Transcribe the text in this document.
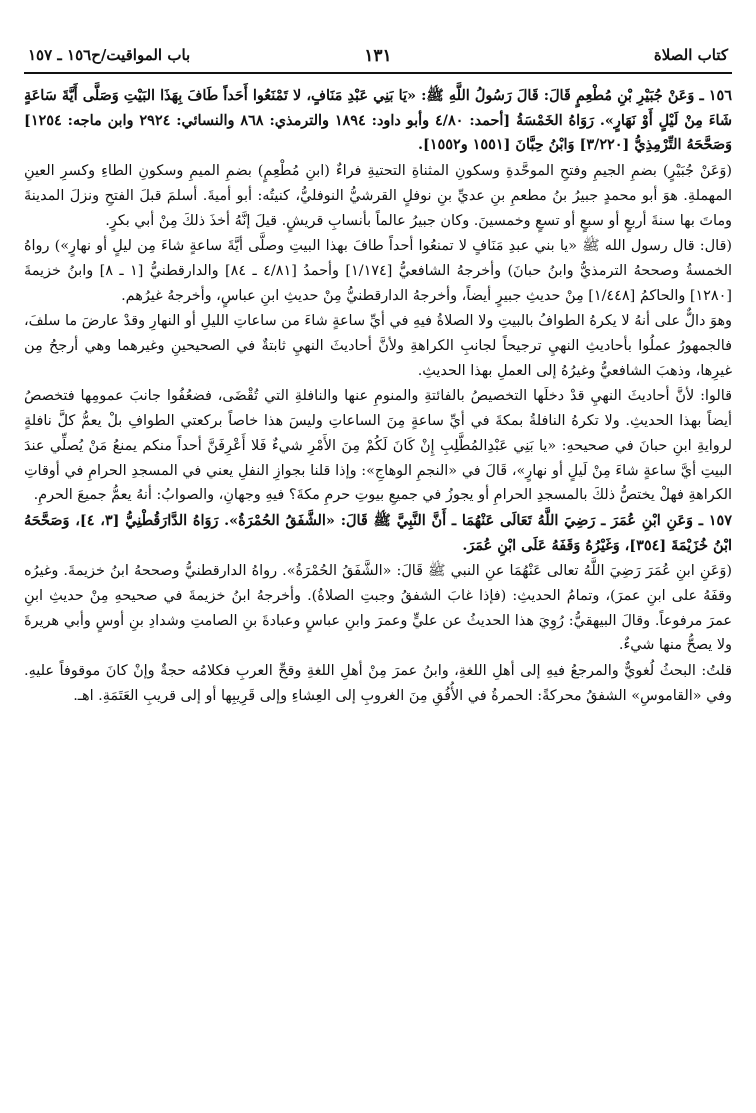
كتاب الصلاة
١٣١
باب المواقيت/ح١٥٦ ـ ١٥٧

١٥٦ ـ وَعَنْ جُبَيْرِ بْنِ مُطْعِمٍ قَالَ: قَالَ رَسُولُ اللَّهِ ﷺ: «يَا بَنِي عَبْدِ مَنَافٍ، لا تَمْنَعُوا أَحَداً طَافَ بِهَذَا البَيْتِ وَصَلَّى أَيَّةَ سَاعَةٍ شَاءَ مِنْ لَيْلٍ أَوْ نَهَارٍ». رَوَاهُ الخَمْسَةُ [أحمد: ٤/٨٠ وأبو داود: ١٨٩٤ والترمذي: ٨٦٨ والنسائي: ٢٩٢٤ وابن ماجه: ١٢٥٤] وَصَحَّحَهُ التِّرْمِذِيُّ [٣/٢٢٠] وَابْنُ حِبَّانَ [١٥٥١ و١٥٥٢].

(وَعَنْ جُبَيْرٍ) بضمِ الجيمِ وفتحِ الموحَّدةِ وسكونِ المثناةِ التحتيةِ فراءٌ (ابنِ مُطْعِمٍ) بضمِ الميمِ وسكونِ الطاءِ وكسرِ العينِ المهملةِ. هوَ أبو محمدٍ جبيرُ بنُ مطعمِ بنِ عديِّ بنِ نوفلٍ القرشيُّ النوفليُّ، كنيتُه: أبو أميةَ. أسلمَ قبلَ الفتحِ ونزلَ المدينةَ وماتَ بها سنةَ أربعٍ أو سبعٍ أو تسعٍ وخمسينَ. وكان جبيرُ عالماً بأنسابِ قريشٍ. قيلَ إنَّهُ أخذَ ذلكَ مِنْ أبي بكرٍ.

(قال: قال رسول الله ﷺ «يا بني عبدِ مَنَافٍ لا تمنعُوا أحداً طافَ بهذا البيتِ وصلَّى أيَّةَ ساعةٍ شاءَ مِن ليلٍ أو نهارٍ») رواهُ الخمسةُ وصححهُ الترمذيُّ وابنُ حبانَ) وأخرجهُ الشافعيُّ [١/١٧٤] وأحمدُ [٤/٨١ ـ ٨٤] والدارقطنيُّ [١ ـ ٨] وابنُ خزيمةَ [١٢٨٠] والحاكمُ [١/٤٤٨] مِنْ حديثِ جبيرٍ أيضاً، وأخرجهُ الدارقطنيُّ مِنْ حديثِ ابنِ عباسٍ، وأخرجهُ غيرُهم.

وهوَ دالٌّ على أنهُ لا يكرهُ الطوافُ بالبيتِ ولا الصلاةُ فيهِ في أيِّ ساعةٍ شاءَ من ساعاتِ الليلِ أو النهارِ وقدْ عارضَ ما سلفَ، فالجمهورُ عملُوا بأحاديثِ النهيِ ترجيحاً لجانبِ الكراهةِ ولأنَّ أحاديثَ النهيِ ثابتةٌ في الصحيحينِ وغيرهما وهي أرجحُ مِن غيرِها، وذهبَ الشافعيُّ وغيرُهُ إلى العملِ بهذا الحديثِ.

قالوا: لأنَّ أحاديثَ النهيِ قدْ دخلَها التخصيصُ بالفائتةِ والمنومِ عنها والنافلةِ التي تُقْضَى، فضعُفُوا جانبَ عمومِها فتخصصُ أيضاً بهذا الحديثِ. ولا تكرهُ النافلةُ بمكةَ في أيِّ ساعةٍ مِنَ الساعاتِ وليسَ هذا خاصاً بركعتي الطوافِ بلْ يعمُّ كلَّ نافلةٍ لروايةِ ابنِ حبانَ في صحيحهِ: «يا بَنِي عَبْدِالمُطَّلِبِ إِنْ كَانَ لَكُمْ مِنَ الأَمْرِ شيءٌ فَلا أَعْرِفَنَّ أحداً منكم يمنعُ مَنْ يُصلِّي عندَ البيتِ أيَّ ساعةٍ شاءَ مِنْ لَيلٍ أو نهارٍ»، قَالَ في «النجمِ الوهاجِ»: وإذا قلنا بجوازِ النفلِ يعني في المسجدِ الحرامِ في أوقاتِ الكراهةِ فهلْ يختصُّ ذلكَ بالمسجدِ الحرامِ أو يجوزُ في جميعِ بيوتِ حرمِ مكةَ؟ فيهِ وجهانِ، والصوابُ: أنهُ يعمُّ جميعَ الحرمِ.

١٥٧ ـ وَعَنِ ابْنِ عُمَرَ ـ رَضِيَ اللَّهُ تَعَالَى عَنْهُمَا ـ أَنَّ النَّبِيَّ ﷺ قَالَ: «الشَّفَقُ الحُمْرَةُ». رَوَاهُ الدَّارَقُطْنِيُّ [٣، ٤]، وَصَحَّحَهُ ابْنُ خُزَيْمَةَ [٣٥٤]، وَغَيْرُهُ وَقَفَهُ عَلَى ابْنِ عُمَرَ.

(وَعَنِ ابنِ عُمَرَ رَضِيَ اللَّهُ تعالى عَنْهُمَا عنِ النبي ﷺ قَالَ: «الشَّفَقُ الحُمْرَةُ». رواهُ الدارقطنيُّ وصححهُ ابنُ خزيمةَ. وغيرُه وقفَهُ على ابنِ عمرَ)، وتمامُ الحديثِ: (فإذا غابَ الشفقُ وجبتِ الصلاةُ). وأخرجهُ ابنُ خزيمةَ في صحيحهِ مِنْ حديثِ ابنِ عمرَ مرفوعاً. وقالَ البيهقيُّ: رُوِيَ هذا الحديثُ عن عليٍّ وعمرَ وابنِ عباسٍ وعبادةَ بنِ الصامتِ وشدادِ بنِ أوسٍ وأبي هريرةَ ولا يصحُّ منها شيءٌ.

قلتُ: البحثُ لُغويٌّ والمرجعُ فيهِ إلى أهلِ اللغةِ، وابنُ عمرَ مِنْ أهلِ اللغةِ وقحِّ العربِ فكلامُه حجةٌ وإنْ كانَ موقوفاً عليهِ. وفي «القاموسِ» الشفقُ محركةً: الحمرةُ في الأُفُقِ مِنَ الغروبِ إلى العِشاءِ وإلى قَرِيبِها أو إلى قريبِ العَتَمَةِ. اهـ.
